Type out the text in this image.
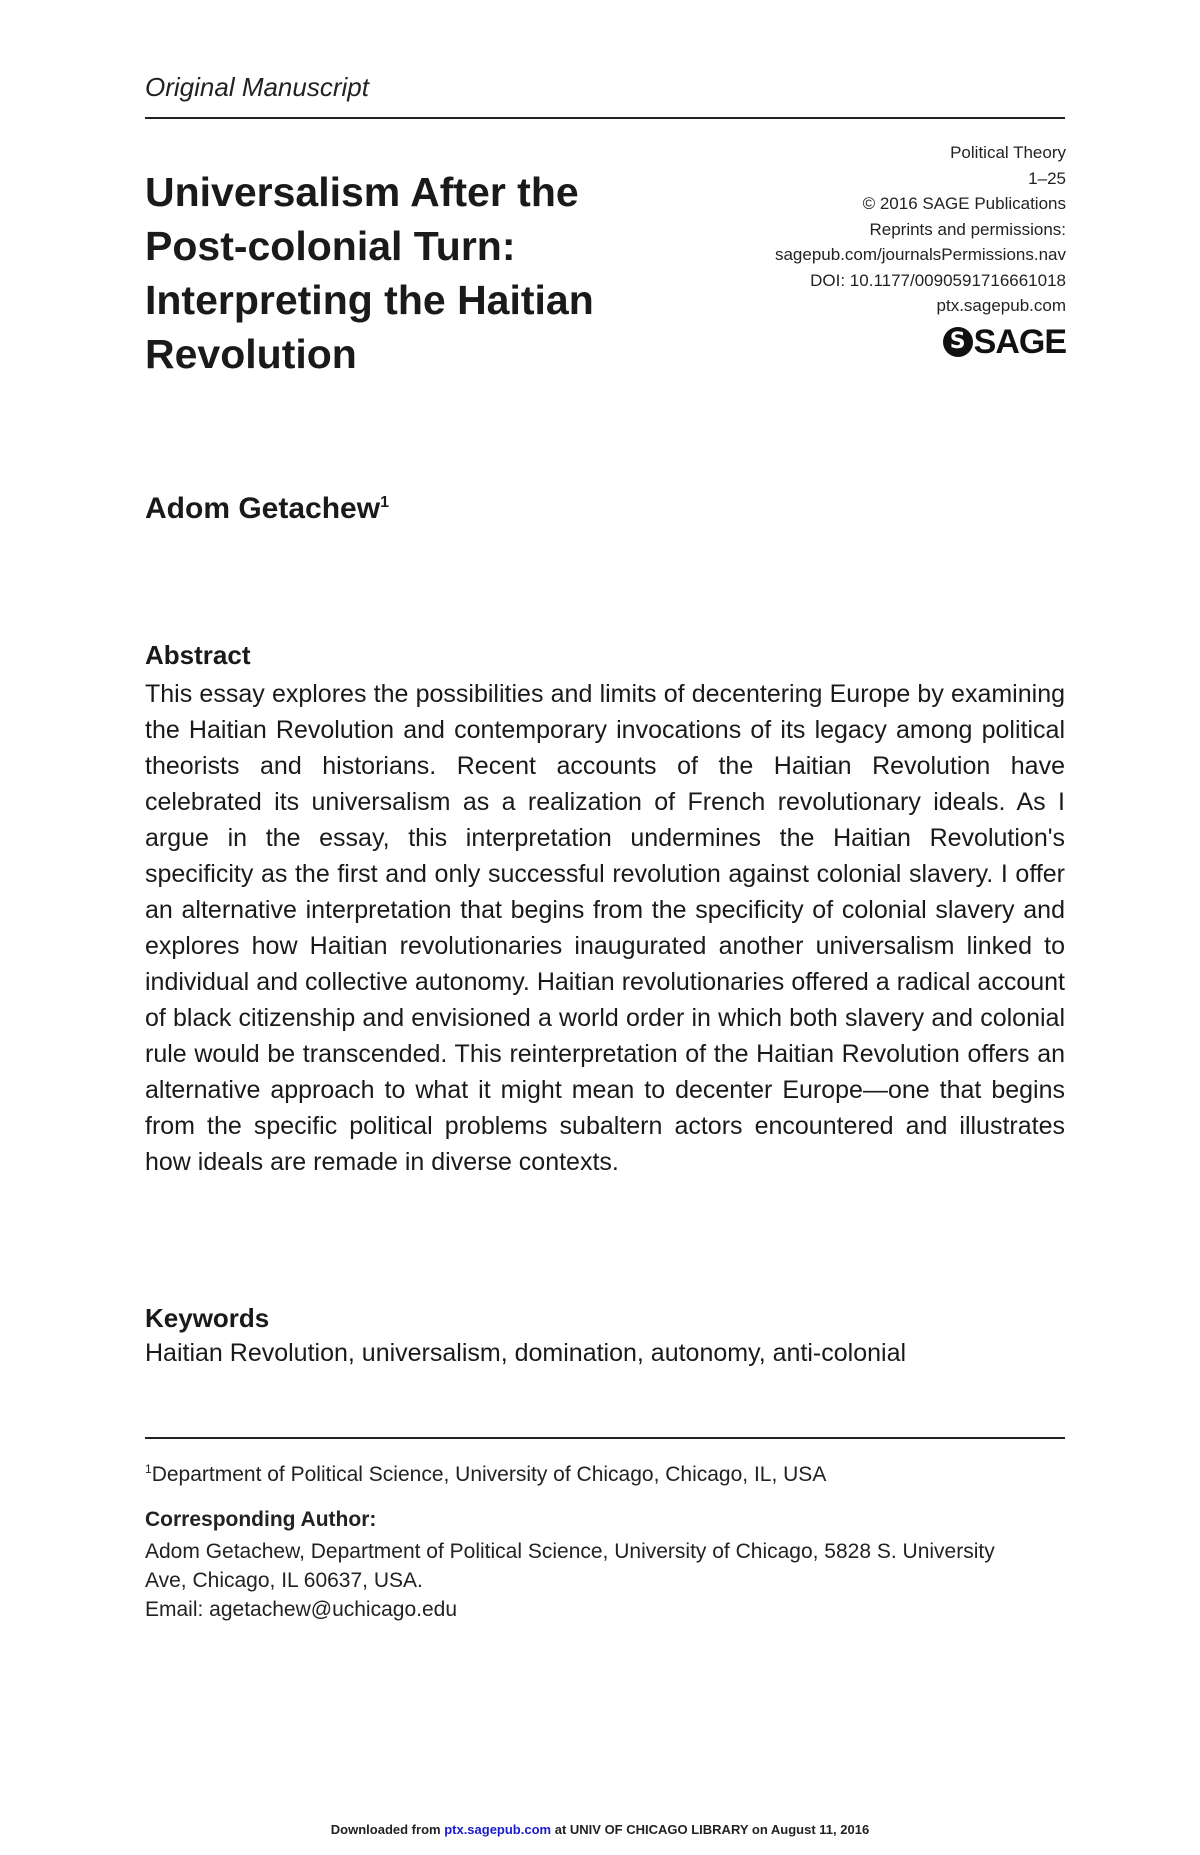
Original Manuscript
Universalism After the
Post-colonial Turn:
Interpreting the Haitian
Revolution
Political Theory
1–25
© 2016 SAGE Publications
Reprints and permissions:
sagepub.com/journalsPermissions.nav
DOI: 10.1177/0090591716661018
ptx.sagepub.com
S SAGE
Adom Getachew$^1$
Abstract
This essay explores the possibilities and limits of decentering Europe by examining the Haitian Revolution and contemporary invocations of its legacy among political theorists and historians. Recent accounts of the Haitian Revolution have celebrated its universalism as a realization of French revolutionary ideals. As I argue in the essay, this interpretation undermines the Haitian Revolution's specificity as the first and only successful revolution against colonial slavery. I offer an alternative interpretation that begins from the specificity of colonial slavery and explores how Haitian revolutionaries inaugurated another universalism linked to individual and collective autonomy. Haitian revolutionaries offered a radical account of black citizenship and envisioned a world order in which both slavery and colonial rule would be transcended. This reinterpretation of the Haitian Revolution offers an alternative approach to what it might mean to decenter Europe—one that begins from the specific political problems subaltern actors encountered and illustrates how ideals are remade in diverse contexts.
Keywords
Haitian Revolution, universalism, domination, autonomy, anti-colonial
$^1$Department of Political Science, University of Chicago, Chicago, IL, USA
Corresponding Author:
Adom Getachew, Department of Political Science, University of Chicago, 5828 S. University
Ave, Chicago, IL 60637, USA.
Email: agetachew@uchicago.edu
Downloaded from ptx.sagepub.com at UNIV OF CHICAGO LIBRARY on August 11, 2016
